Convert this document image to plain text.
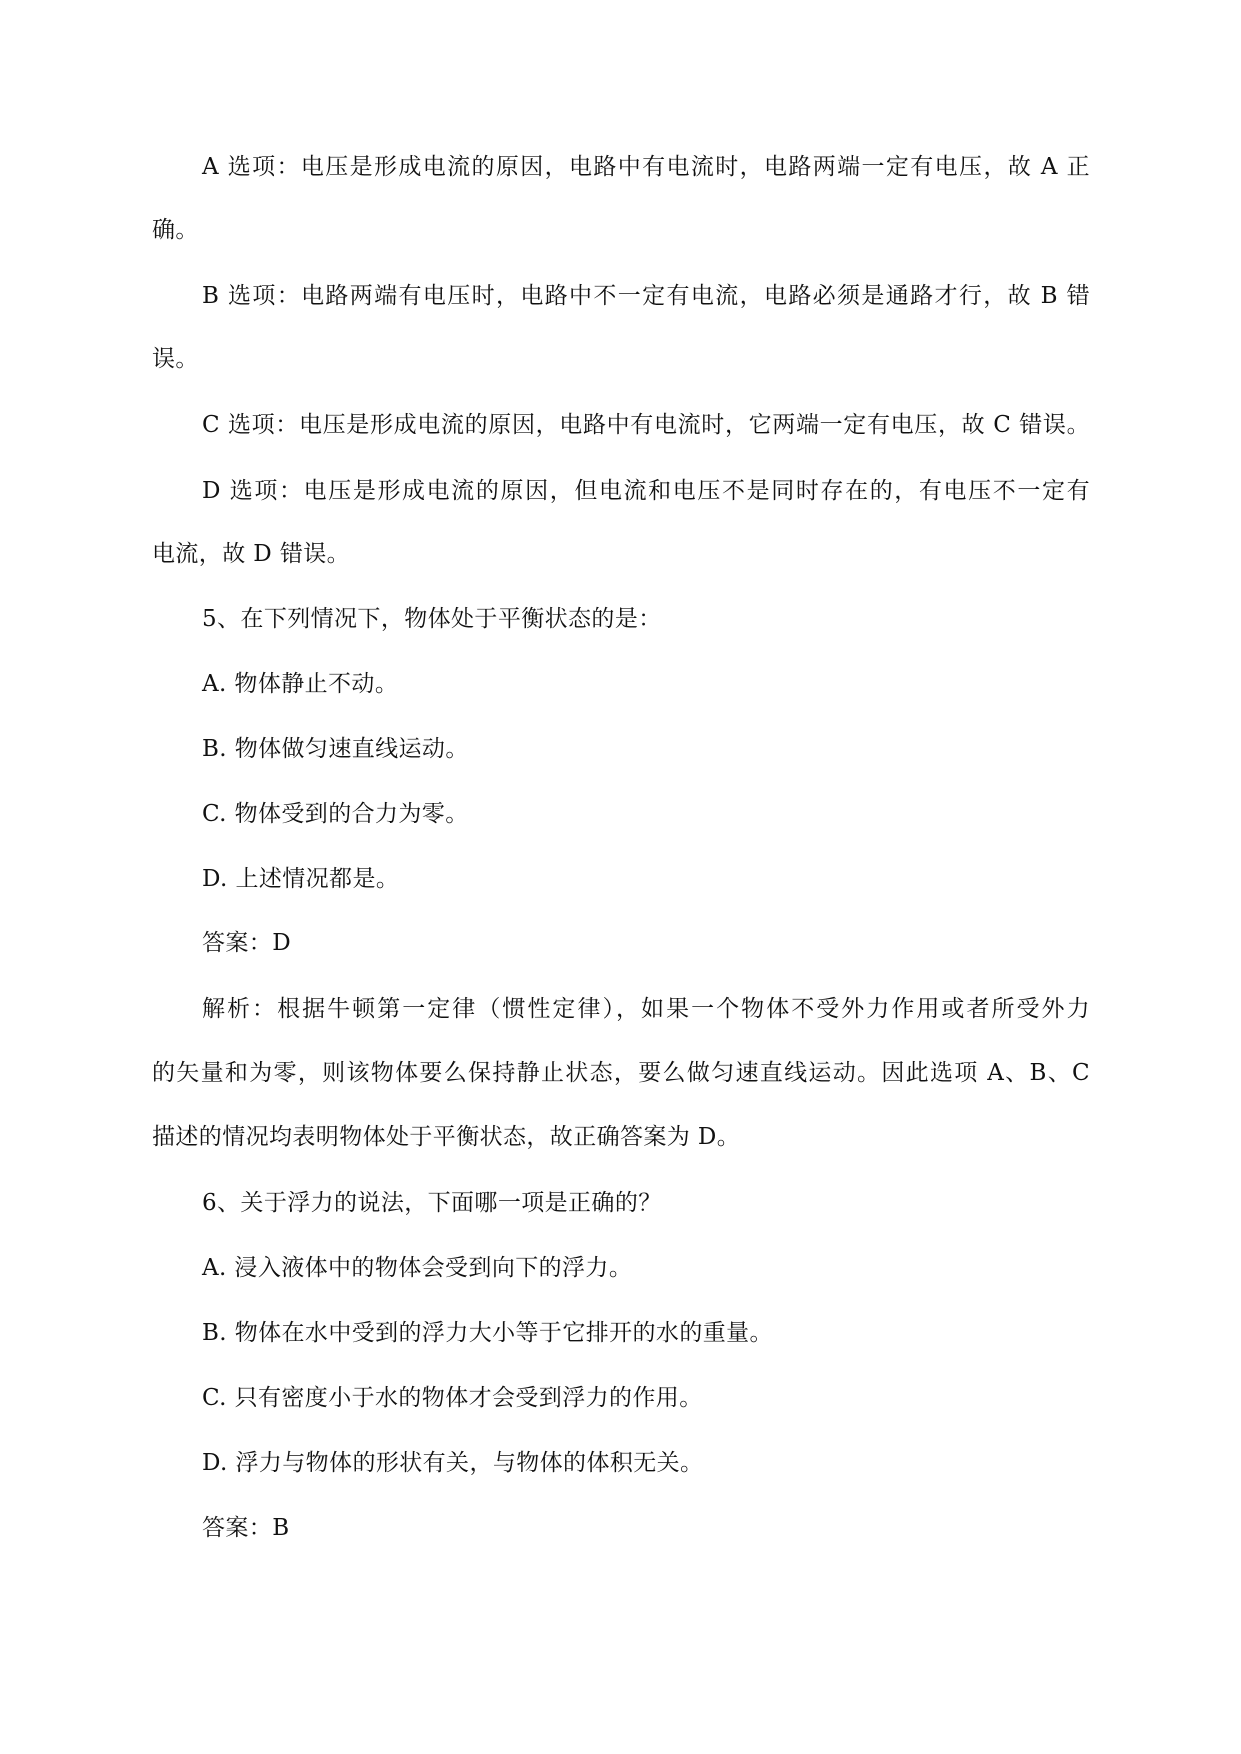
A 选项：电压是形成电流的原因，电路中有电流时，电路两端一定有电压，故 A 正
确。
B 选项：电路两端有电压时，电路中不一定有电流，电路必须是通路才行，故 B 错
误。
C 选项：电压是形成电流的原因，电路中有电流时，它两端一定有电压，故 C 错误。
D 选项：电压是形成电流的原因，但电流和电压不是同时存在的，有电压不一定有
电流，故 D 错误。
5、在下列情况下，物体处于平衡状态的是：
A. 物体静止不动。
B. 物体做匀速直线运动。
C. 物体受到的合力为零。
D. 上述情况都是。
答案：D
解析：根据牛顿第一定律（惯性定律），如果一个物体不受外力作用或者所受外力
的矢量和为零，则该物体要么保持静止状态，要么做匀速直线运动。因此选项 A、B、C
描述的情况均表明物体处于平衡状态，故正确答案为 D。
6、关于浮力的说法，下面哪一项是正确的？
A. 浸入液体中的物体会受到向下的浮力。
B. 物体在水中受到的浮力大小等于它排开的水的重量。
C. 只有密度小于水的物体才会受到浮力的作用。
D. 浮力与物体的形状有关，与物体的体积无关。
答案：B
